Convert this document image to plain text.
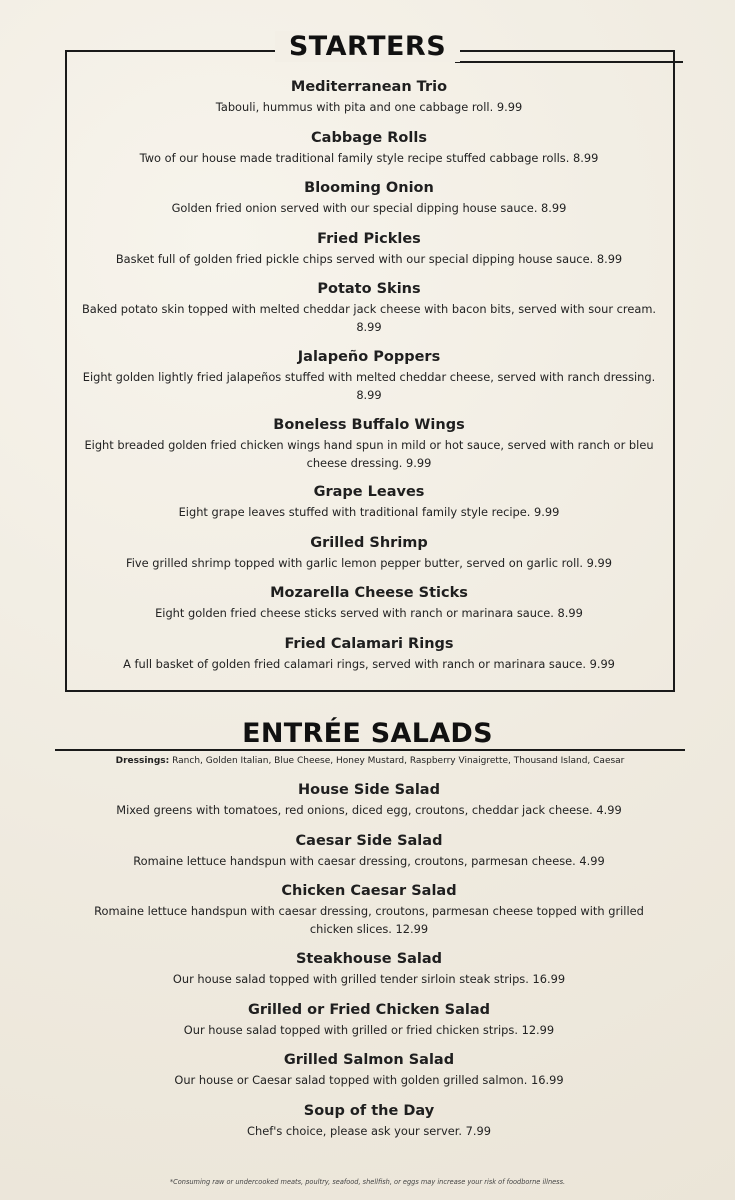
STARTERS
Mediterranean Trio
Tabouli, hummus with pita and one cabbage roll. 9.99
Cabbage Rolls
Two of our house made traditional family style recipe stuffed cabbage rolls. 8.99
Blooming Onion
Golden fried onion served with our special dipping house sauce. 8.99
Fried Pickles
Basket full of golden fried pickle chips served with our special dipping house sauce. 8.99
Potato Skins
Baked potato skin topped with melted cheddar jack cheese with bacon bits, served with sour cream. 8.99
Jalapeño Poppers
Eight golden lightly fried jalapeños stuffed with melted cheddar cheese, served with ranch dressing. 8.99
Boneless Buffalo Wings
Eight breaded golden fried chicken wings hand spun in mild or hot sauce, served with ranch or bleu cheese dressing. 9.99
Grape Leaves
Eight grape leaves stuffed with traditional family style recipe. 9.99
Grilled Shrimp
Five grilled shrimp topped with garlic lemon pepper butter, served on garlic roll. 9.99
Mozarella Cheese Sticks
Eight golden fried cheese sticks served with ranch or marinara sauce. 8.99
Fried Calamari Rings
A full basket of golden fried calamari rings, served with ranch or marinara sauce. 9.99
ENTRÉE SALADS
Dressings: Ranch, Golden Italian, Blue Cheese, Honey Mustard, Raspberry Vinaigrette, Thousand Island, Caesar
House Side Salad
Mixed greens with tomatoes, red onions, diced egg, croutons, cheddar jack cheese. 4.99
Caesar Side Salad
Romaine lettuce handspun with caesar dressing, croutons, parmesan cheese. 4.99
Chicken Caesar Salad
Romaine lettuce handspun with caesar dressing, croutons, parmesan cheese topped with grilled chicken slices. 12.99
Steakhouse Salad
Our house salad topped with grilled tender sirloin steak strips. 16.99
Grilled or Fried Chicken Salad
Our house salad topped with grilled or fried chicken strips. 12.99
Grilled Salmon Salad
Our house or Caesar salad topped with golden grilled salmon. 16.99
Soup of the Day
Chef's choice, please ask your server. 7.99
*Consuming raw or undercooked meats, poultry, seafood, shellfish, or eggs may increase your risk of foodborne illness.
